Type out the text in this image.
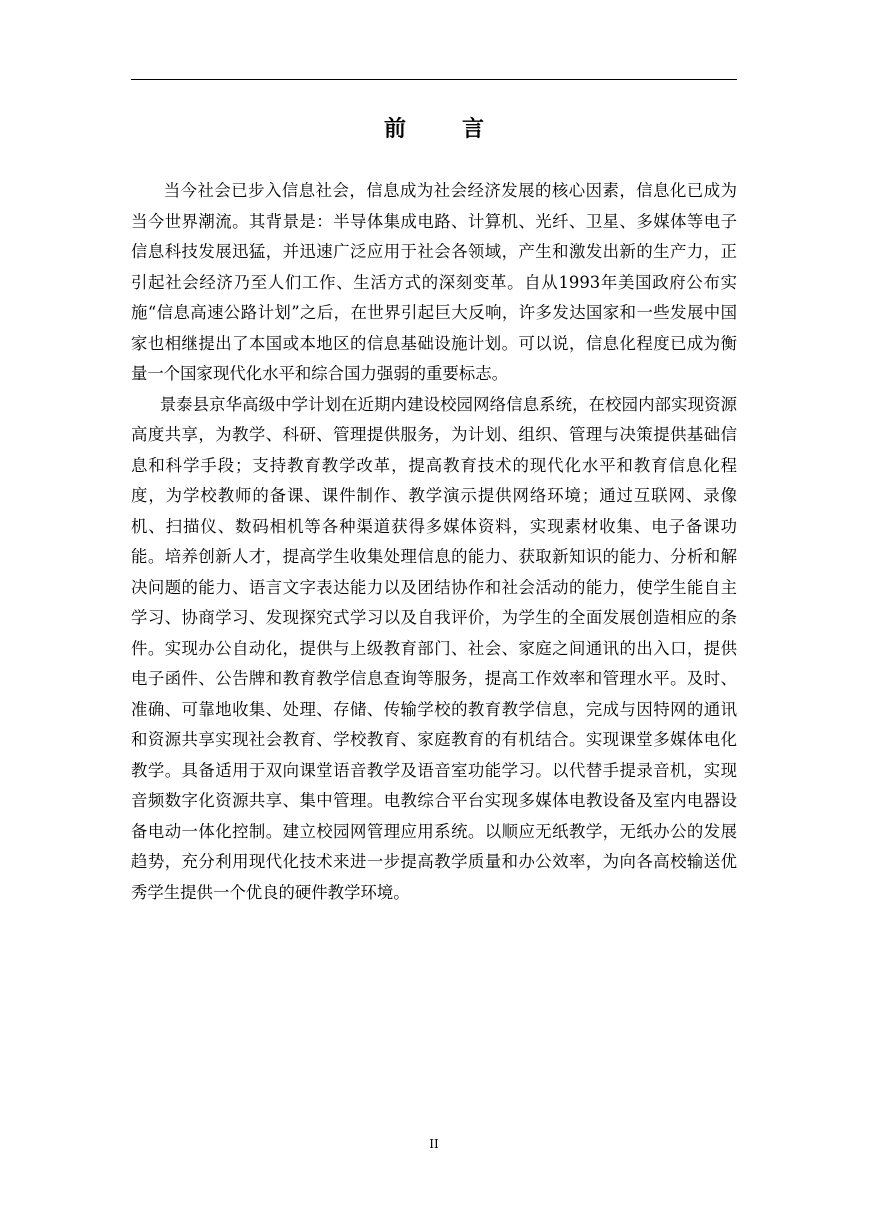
前 言

当今社会已步入信息社会，信息成为社会经济发展的核心因素，信息化已成为当今世界潮流。其背景是：半导体集成电路、计算机、光纤、卫星、多媒体等电子信息科技发展迅猛，并迅速广泛应用于社会各领域，产生和激发出新的生产力，正引起社会经济乃至人们工作、生活方式的深刻变革。自从1993年美国政府公布实施“信息高速公路计划”之后，在世界引起巨大反响，许多发达国家和一些发展中国家也相继提出了本国或本地区的信息基础设施计划。可以说，信息化程度已成为衡量一个国家现代化水平和综合国力强弱的重要标志。

景泰县京华高级中学计划在近期内建设校园网络信息系统，在校园内部实现资源高度共享，为教学、科研、管理提供服务，为计划、组织、管理与决策提供基础信息和科学手段；支持教育教学改革，提高教育技术的现代化水平和教育信息化程度，为学校教师的备课、课件制作、教学演示提供网络环境；通过互联网、录像机、扫描仪、数码相机等各种渠道获得多媒体资料，实现素材收集、电子备课功能。培养创新人才，提高学生收集处理信息的能力、获取新知识的能力、分析和解决问题的能力、语言文字表达能力以及团结协作和社会活动的能力，使学生能自主学习、协商学习、发现探究式学习以及自我评价，为学生的全面发展创造相应的条件。实现办公自动化，提供与上级教育部门、社会、家庭之间通讯的出入口，提供电子函件、公告牌和教育教学信息查询等服务，提高工作效率和管理水平。及时、准确、可靠地收集、处理、存储、传输学校的教育教学信息，完成与因特网的通讯和资源共享实现社会教育、学校教育、家庭教育的有机结合。实现课堂多媒体电化教学。具备适用于双向课堂语音教学及语音室功能学习。以代替手提录音机，实现音频数字化资源共享、集中管理。电教综合平台实现多媒体电教设备及室内电器设备电动一体化控制。建立校园网管理应用系统。以顺应无纸教学，无纸办公的发展趋势，充分利用现代化技术来进一步提高教学质量和办公效率，为向各高校输送优秀学生提供一个优良的硬件教学环境。

II
